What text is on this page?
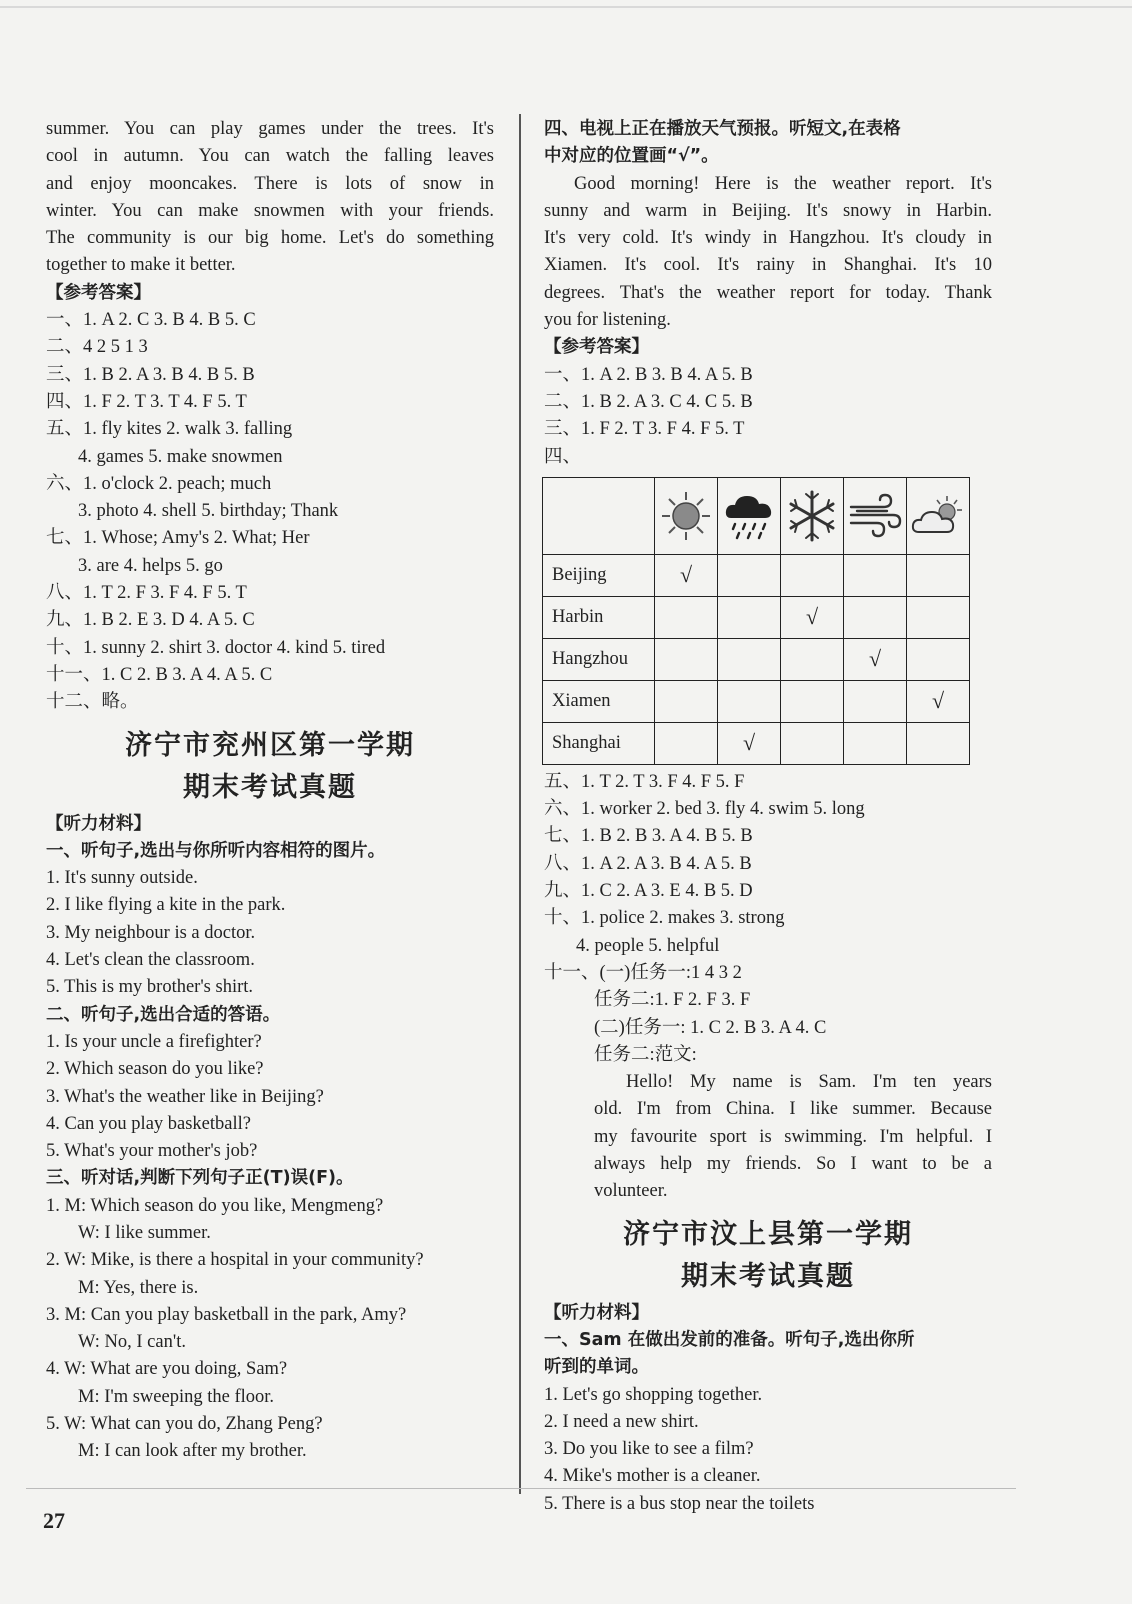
summer. You can play games under the trees. It's
cool in autumn. You can watch the falling leaves
and enjoy mooncakes. There is lots of snow in
winter. You can make snowmen with your friends.
The community is our big home. Let's do something
together to make it better.
【参考答案】
一、1. A 2. C 3. B 4. B 5. C
二、4 2 5 1 3
三、1. B 2. A 3. B 4. B 5. B
四、1. F 2. T 3. T 4. F 5. T
五、1. fly kites 2. walk 3. falling
4. games 5. make snowmen
六、1. o'clock 2. peach; much
3. photo 4. shell 5. birthday; Thank
七、1. Whose; Amy's 2. What; Her
3. are 4. helps 5. go
八、1. T 2. F 3. F 4. F 5. T
九、1. B 2. E 3. D 4. A 5. C
十、1. sunny 2. shirt 3. doctor 4. kind 5. tired
十一、1. C 2. B 3. A 4. A 5. C
十二、略。
济宁市兖州区第一学期
期末考试真题
【听力材料】
一、听句子,选出与你所听内容相符的图片。
1. It's sunny outside.
2. I like flying a kite in the park.
3. My neighbour is a doctor.
4. Let's clean the classroom.
5. This is my brother's shirt.
二、听句子,选出合适的答语。
1. Is your uncle a firefighter?
2. Which season do you like?
3. What's the weather like in Beijing?
4. Can you play basketball?
5. What's your mother's job?
三、听对话,判断下列句子正(T)误(F)。
1. M: Which season do you like, Mengmeng?
W: I like summer.
2. W: Mike, is there a hospital in your community?
M: Yes, there is.
3. M: Can you play basketball in the park, Amy?
W: No, I can't.
4. W: What are you doing, Sam?
M: I'm sweeping the floor.
5. W: What can you do, Zhang Peng?
M: I can look after my brother.
四、电视上正在播放天气预报。听短文,在表格
中对应的位置画“√”。
Good morning! Here is the weather report. It's
sunny and warm in Beijing. It's snowy in Harbin.
It's very cold. It's windy in Hangzhou. It's cloudy in
Xiamen. It's cool. It's rainy in Shanghai. It's 10
degrees. That's the weather report for today. Thank
you for listening.
【参考答案】
一、1. A 2. B 3. B 4. A 5. B
二、1. B 2. A 3. C 4. C 5. B
三、1. F 2. T 3. F 4. F 5. T
四、

Beijing	√				
Harbin			√		
Hangzhou				√	
Xiamen					√
Shanghai		√			
五、1. T 2. T 3. F 4. F 5. F
六、1. worker 2. bed 3. fly 4. swim 5. long
七、1. B 2. B 3. A 4. B 5. B
八、1. A 2. A 3. B 4. A 5. B
九、1. C 2. A 3. E 4. B 5. D
十、1. police 2. makes 3. strong
4. people 5. helpful
十一、(一)任务一:1 4 3 2
任务二:1. F 2. F 3. F
(二)任务一: 1. C 2. B 3. A 4. C
任务二:范文:
Hello! My name is Sam. I'm ten years
old. I'm from China. I like summer. Because
my favourite sport is swimming. I'm helpful. I
always help my friends. So I want to be a
volunteer.
济宁市汶上县第一学期
期末考试真题
【听力材料】
一、Sam 在做出发前的准备。听句子,选出你所
听到的单词。
1. Let's go shopping together.
2. I need a new shirt.
3. Do you like to see a film?
4. Mike's mother is a cleaner.
5. There is a bus stop near the toilets
27
